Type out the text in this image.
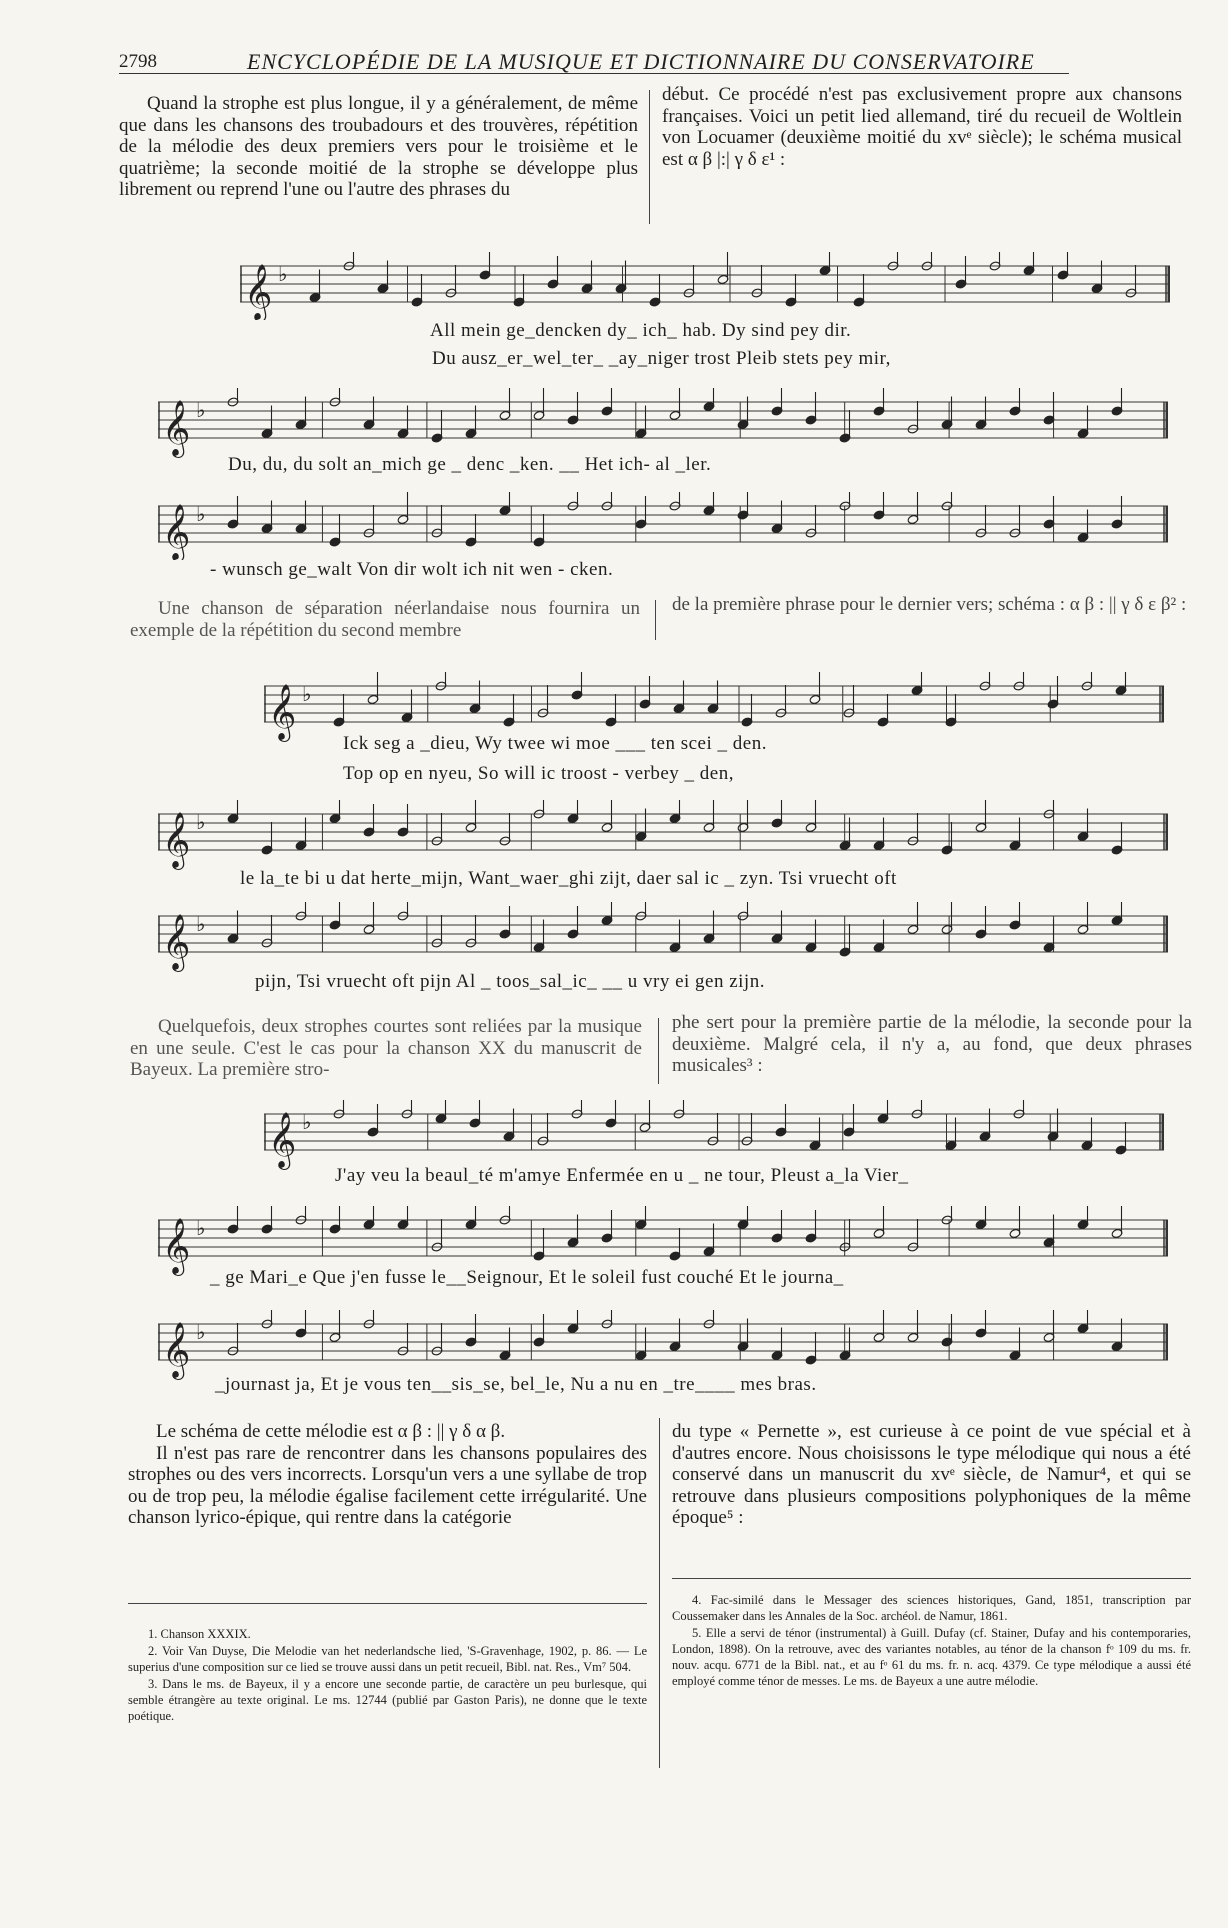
2798	ENCYCLOPÉDIE DE LA MUSIQUE ET DICTIONNAIRE DU CONSERVATOIRE

Quand la strophe est plus longue, il y a généralement, de même que dans les chansons des troubadours et des trouvères, répétition de la mélodie des deux premiers vers pour le troisième et le quatrième; la seconde moitié de la strophe se développe plus librement ou reprend l'une ou l'autre des phrases du

début. Ce procédé n'est pas exclusivement propre aux chansons françaises. Voici un petit lied allemand, tiré du recueil de Woltlein von Locuamer (deuxième moitié du xvᵉ siècle); le schéma musical est α β |:| γ δ ε¹ :

𝄞 ♭
All mein ge_dencken dy_ ich_ hab. Dy sind pey dir.
Du ausz_er_wel_ter_ _ay_niger trost Pleib stets pey mir,
𝄞 ♭
Du, du, du solt an_mich ge _ denc _ken. __ Het ich- al _ler.
𝄞 ♭
- wunsch ge_walt Von dir wolt ich nit wen - cken.

Une chanson de séparation néerlandaise nous fournira un exemple de la répétition du second membre

de la première phrase pour le dernier vers; schéma : α β : || γ δ ε β² :

𝄞 ♭
Ick seg a _dieu, Wy twee wi moe ___ ten scei _ den.
Top op en nyeu, So will ic troost - verbey _ den,
𝄞 ♭
le la_te bi u dat herte_mijn, Want_waer_ghi zijt, daer sal ic _ zyn. Tsi vruecht oft
𝄞 ♭
pijn, Tsi vruecht oft pijn Al _ toos_sal_ic_ __ u vry ei gen zijn.

Quelquefois, deux strophes courtes sont reliées par la musique en une seule. C'est le cas pour la chanson XX du manuscrit de Bayeux. La première stro-

phe sert pour la première partie de la mélodie, la seconde pour la deuxième. Malgré cela, il n'y a, au fond, que deux phrases musicales³ :

𝄞 ♭
J'ay veu la beaul_té m'amye Enfermée en u _ ne tour, Pleust a_la Vier_
𝄞 ♭
_ ge Mari_e Que j'en fusse le__Seignour, Et le soleil fust couché Et le journa_
𝄞 ♭
_journast ja, Et je vous ten__sis_se, bel_le, Nu a nu en _tre____ mes bras.

Le schéma de cette mélodie est α β : || γ δ α β.

Il n'est pas rare de rencontrer dans les chansons populaires des strophes ou des vers incorrects. Lorsqu'un vers a une syllabe de trop ou de trop peu, la mélodie égalise facilement cette irrégularité. Une chanson lyrico-épique, qui rentre dans la catégorie

du type « Pernette », est curieuse à ce point de vue spécial et à d'autres encore. Nous choisissons le type mélodique qui nous a été conservé dans un manuscrit du xvᵉ siècle, de Namur⁴, et qui se retrouve dans plusieurs compositions polyphoniques de la même époque⁵ :

1. Chanson XXXIX.

2. Voir Van Duyse, Die Melodie van het nederlandsche lied, 'S-Gravenhage, 1902, p. 86. — Le superius d'une composition sur ce lied se trouve aussi dans un petit recueil, Bibl. nat. Res., Vm⁷ 504.

3. Dans le ms. de Bayeux, il y a encore une seconde partie, de caractère un peu burlesque, qui semble étrangère au texte original. Le ms. 12744 (publié par Gaston Paris), ne donne que le texte poétique.

4. Fac-similé dans le Messager des sciences historiques, Gand, 1851, transcription par Coussemaker dans les Annales de la Soc. archéol. de Namur, 1861.

5. Elle a servi de ténor (instrumental) à Guill. Dufay (cf. Stainer, Dufay and his contemporaries, London, 1898). On la retrouve, avec des variantes notables, au ténor de la chanson fᵒ 109 du ms. fr. nouv. acqu. 6771 de la Bibl. nat., et au fᵒ 61 du ms. fr. n. acq. 4379. Ce type mélodique a aussi été employé comme ténor de messes. Le ms. de Bayeux a une autre mélodie.
